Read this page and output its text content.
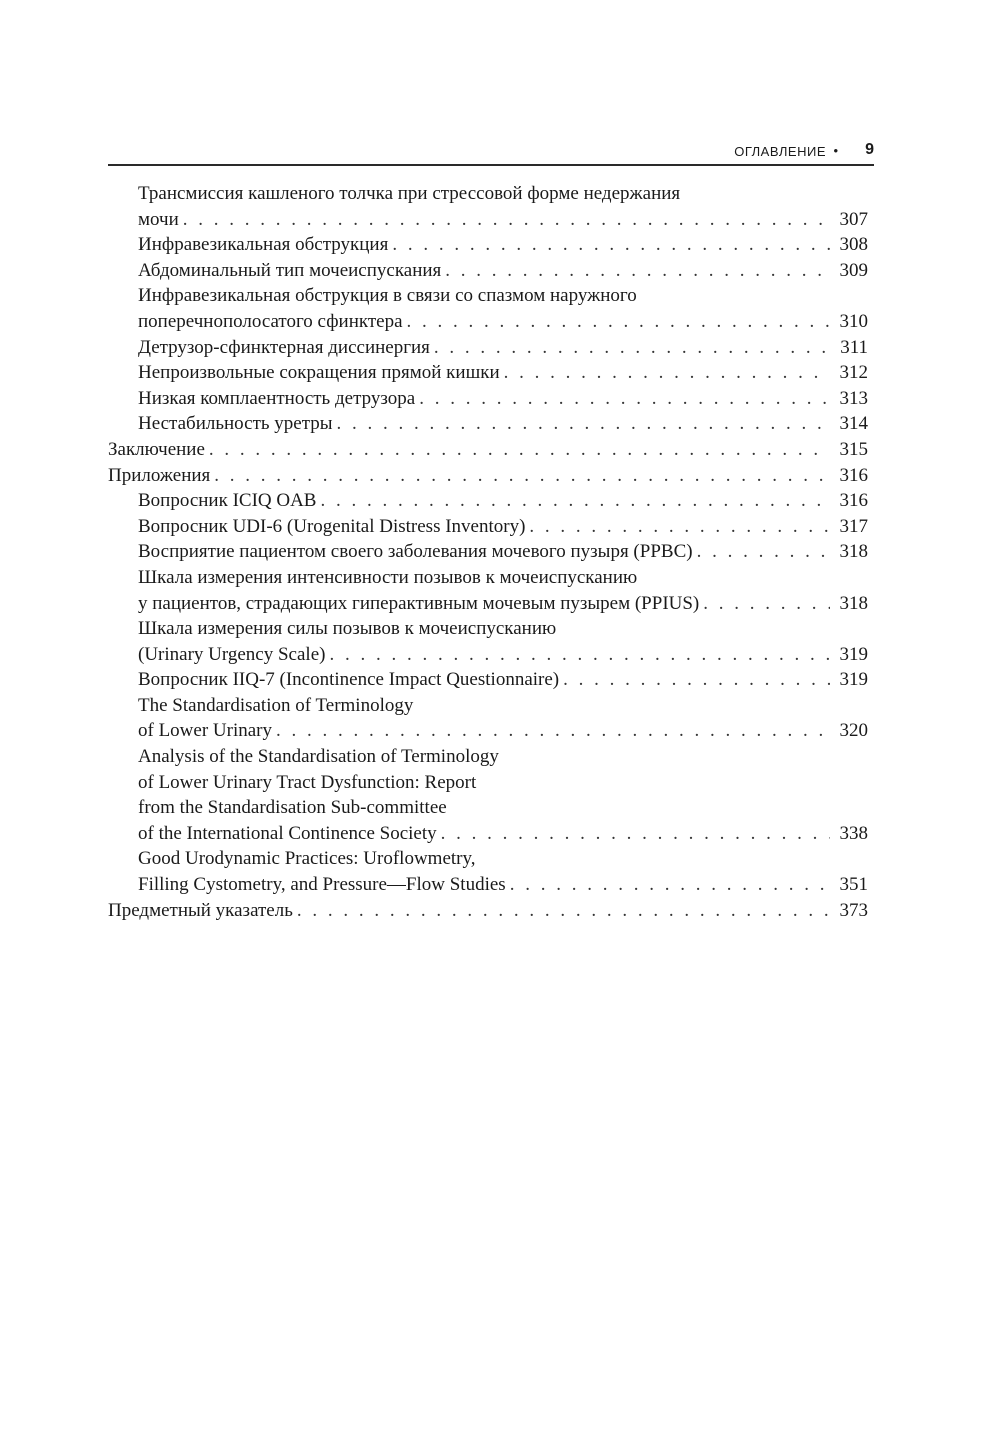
ОГЛАВЛЕНИЕ • 9
Трансмиссия кашленого толчка при стрессовой форме недержания
мочи . . .	307
Инфравезикальная обструкция . . .	308
Абдоминальный тип мочеиспускания . . .	309
Инфравезикальная обструкция в связи со спазмом наружного
поперечнополосатого сфинктера . . .	310
Детрузор-сфинктерная диссинергия . . .	311
Непроизвольные сокращения прямой кишки . . .	312
Низкая комплаентность детрузора . . .	313
Нестабильность уретры . . .	314
Заключение . . .	315
Приложения . . .	316
Вопросник ICIQ OAB . . .	316
Вопросник UDI-6 (Urogenital Distress Inventory) . . .	317
Восприятие пациентом своего заболевания мочевого пузыря (PPBC) . . .	318
Шкала измерения интенсивности позывов к мочеиспусканию
у пациентов, страдающих гиперактивным мочевым пузырем (PPIUS) . . .	318
Шкала измерения силы позывов к мочеиспусканию
(Urinary Urgency Scale) . . .	319
Вопросник IIQ-7 (Incontinence Impact Questionnaire) . . .	319
The Standardisation of Terminology
of Lower Urinary . . .	320
Analysis of the Standardisation of Terminology
of Lower Urinary Tract Dysfunction: Report
from the Standardisation Sub-committee
of the International Continence Society . . .	338
Good Urodynamic Practices: Uroflowmetry,
Filling Cystometry, and Pressure—Flow Studies . . .	351
Предметный указатель . . .	373
